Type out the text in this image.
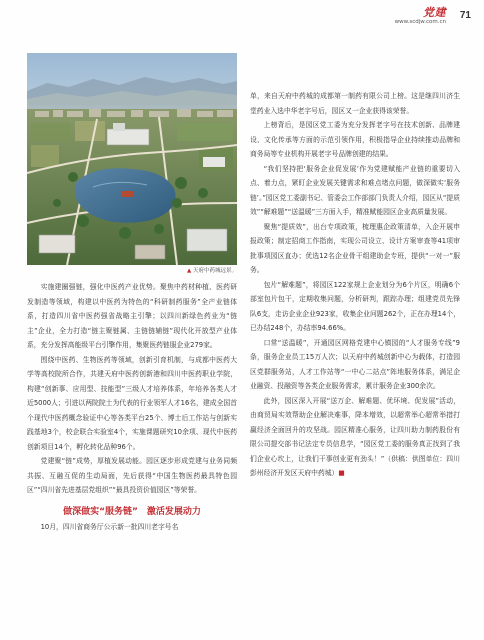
党建
www.scdjw.com.cn
71
▲ 天府中药城远景。

实施建圈强链，强化中医药产业优势。聚焦中药材种植、医药研发制造等领域，构建以中医药为特色的“科研制药服务”全产业链体系，打造四川省中医药强省战略主引擎；以四川新绿色药业为“链主”企业，全力打造“链主聚链属、主链链辅链”现代化开放型产业体系，充分发挥高能级平台引擎作用，集聚医药链服企业279家。

围绕中医药、生物医药等领域，创新引育机制，与成都中医药大学等高校院所合作，共建天府中医药创新港和四川中医药职业学院，构建“创新事、应用型、技能型”三级人才培养体系，年培养各类人才近5000人；引进以两院院士为代表的行业领军人才16名，建成全国首个现代中医药概念验证中心等各类平台25个、博士后工作站与创新实践基地3个，校企联合实验室4个，实施课题研究10余项、现代中医药创新项目14个，孵化转化品种96个。

党建聚“链”成势，厚植发展动能。园区逐步形成党建与业务同频共振、互融互促的生动局面，先后获得“中国生物医药最具特色园区”“四川省先进基层党组织”“最具投资价值园区”等荣誉。

做深做实“服务链”　激活发展动力

10月，四川省商务厅公示新一批四川老字号名

单，来自天府中药城的成都第一制药有限公司上榜。这是继四川济生堂药业入选中华老字号后，园区又一企业获得该荣誉。

上榜背后，是园区党工委为充分发挥老字号在技术创新、品牌建设、文化传承等方面的示范引领作用，积极指导企业持续推动品牌和商务局等专业机构开展老字号品牌创建的结果。

“我们坚持把‘服务企业促发展’作为党建赋能产业链的重要切入点、着力点，紧盯企业发展关键需求和难点堵点问题，做深做实‘服务链’。”园区党工委副书记、管委会工作部部门负责人介绍，园区从“提质效”“解难题”“送温暖”三方面入手，精准赋能园区企业高质量发展。

聚焦“提质效”，出台专项政策，梳理惠企政策清单，入企开展申报政策；制定招商工作指南，实现公司设立、设计方案审查等41项审批事项园区直办；优选12名企业骨干组建助企专班，提供“一对一”服务。

包片“解难题”，将园区122家规上企业划分为6个片区，明确6个部室包片包干，定期收集问题，分析研判，跟踪办理；组建党员先锋队6支，走访企业企业923家，收集企业问题262个，正在办理14个，已办结248个，办结率94.66%。

口常“送温暖”，开通园区网格党建中心镇园的“人才服务专线”9条，服务企业员工15万人次；以天府中药城创新中心为载体，打造园区党群服务站，人才工作站等“一中心二站点”阵地服务体系，满足企业融资、投融资等各类企业服务需求，累计服务企业300余次。

此外，园区深入开展“送万企、解难题、优环境、促发展”活动，由商贸局实效帮助企业解决难事，降本增效，以超常举心超常举措打赢经济全面回升的攻坚战。园区精准心服务，让四川助力制药股份有限公司提交部书记法定专员信息学，“园区党工委的服务真正找到了我们企业心坎上，让我们干事创业更有劲头！”（供稿：供图单位：四川彭州经济开发区天府中药城）■
